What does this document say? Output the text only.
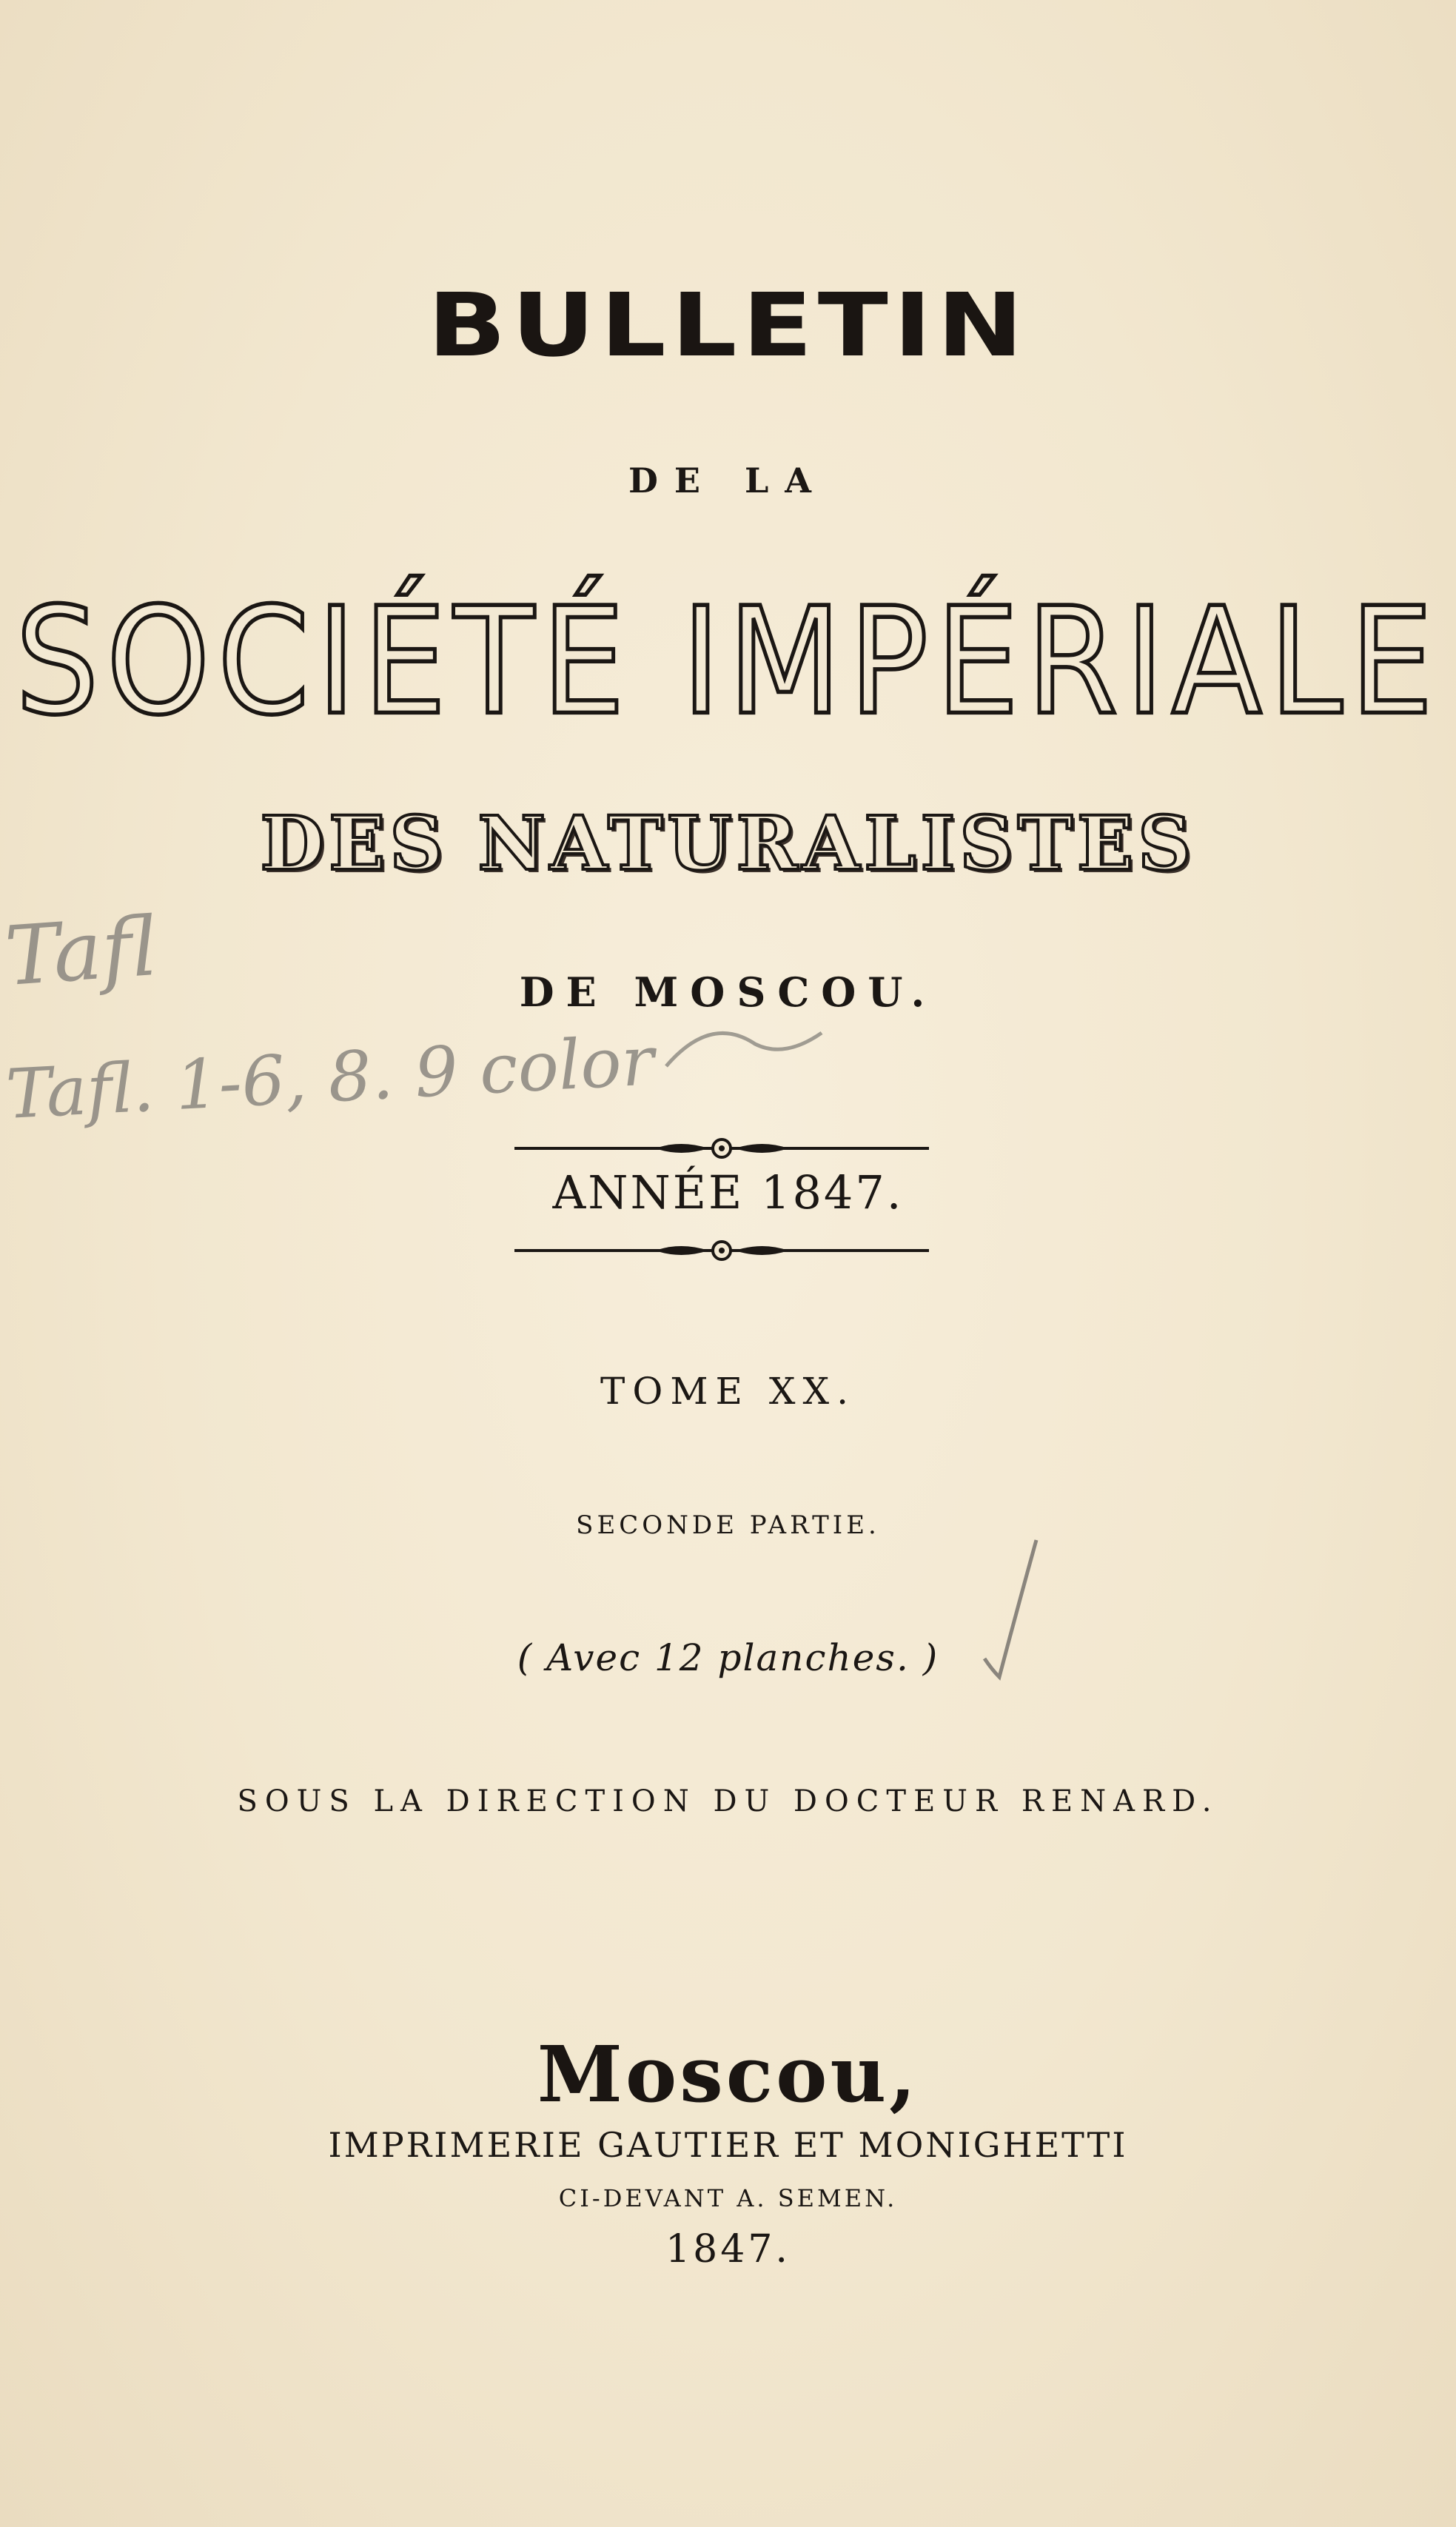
BULLETIN
DE LA
SOCIÉTÉ IMPÉRIALE
DES NATURALISTES
DE MOSCOU.
ANNÉE 1847.
TOME XX.
SECONDE PARTIE.
( Avec 12 planches. )
SOUS LA DIRECTION DU DOCTEUR RENARD.
Moscou,
IMPRIMERIE GAUTIER ET MONIGHETTI
CI-DEVANT A. SEMEN.
1847.
Tafl
Tafl. 1-6, 8. 9 color
